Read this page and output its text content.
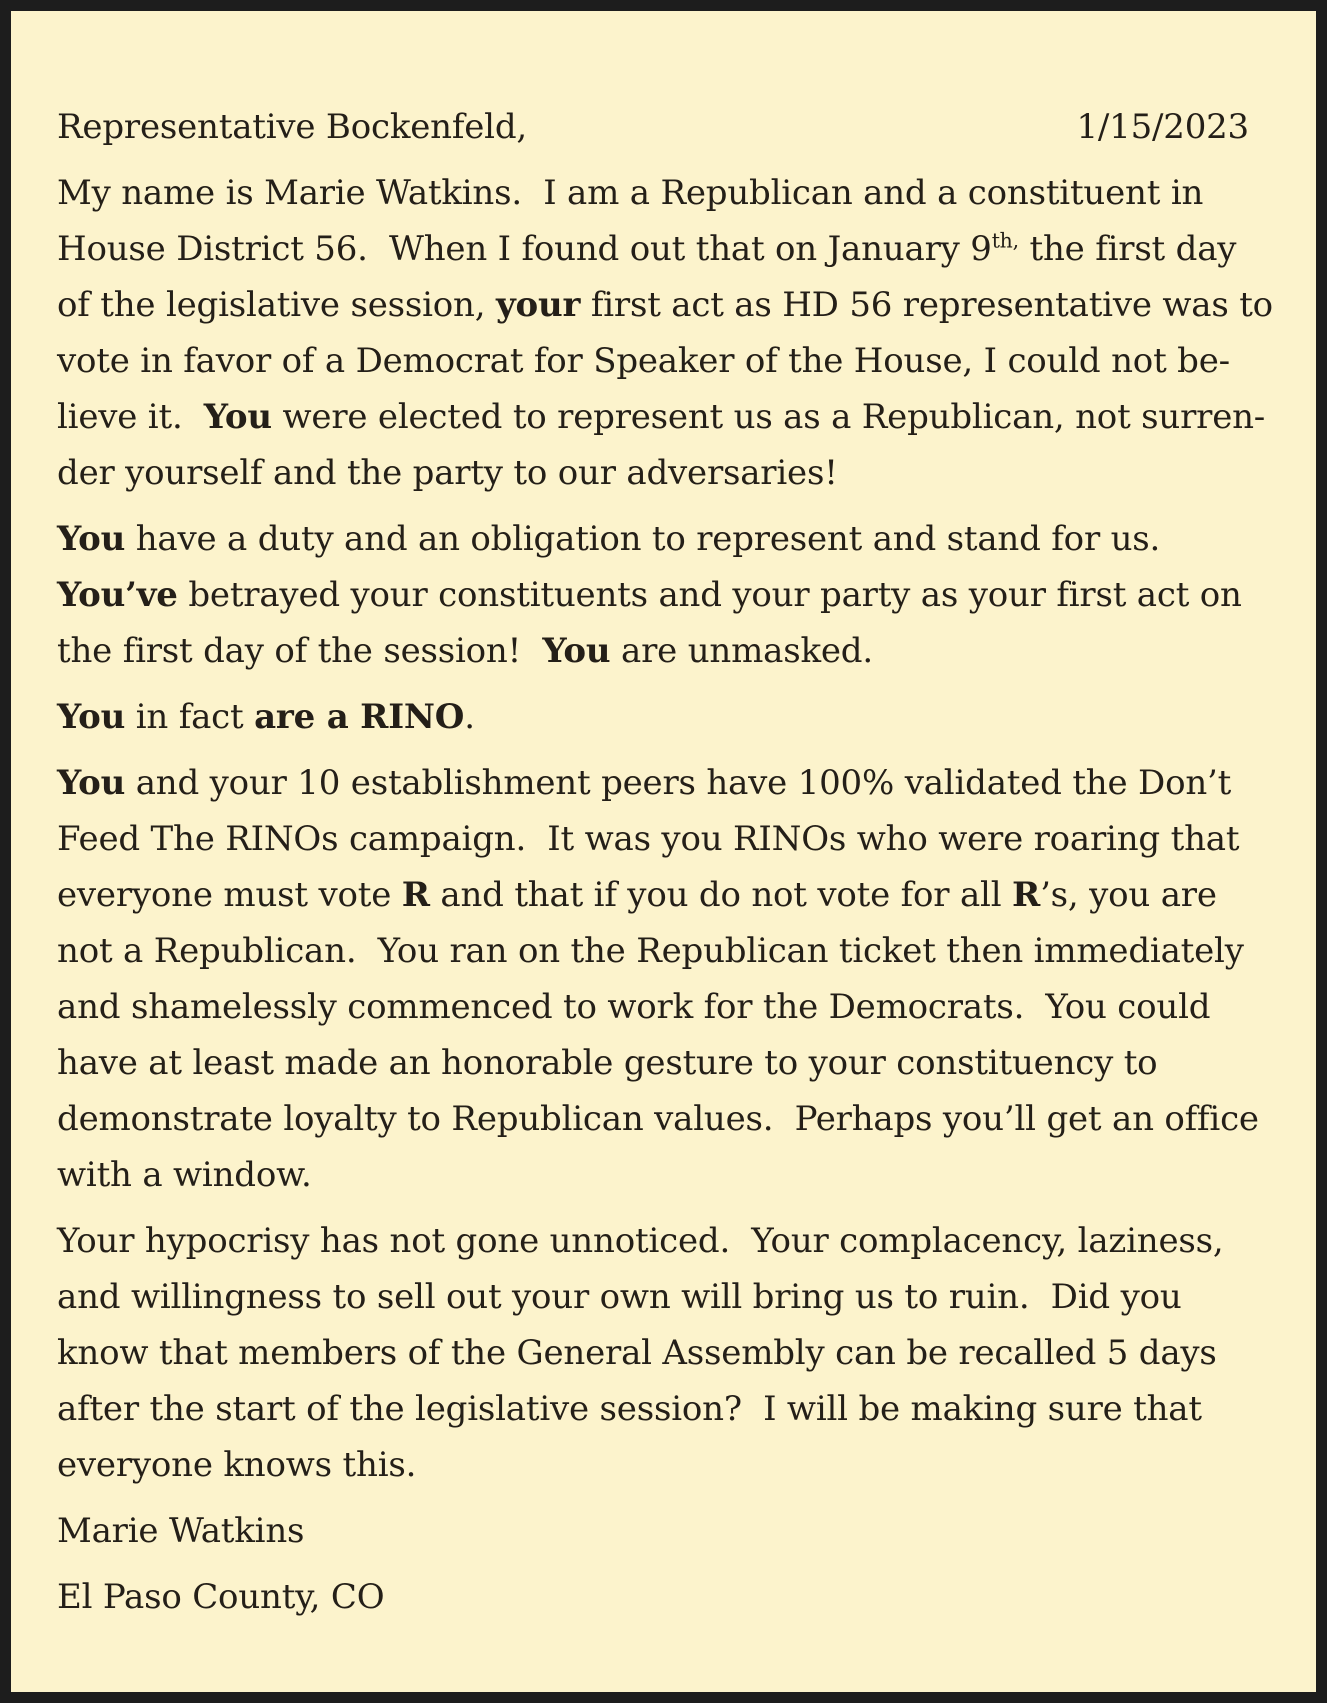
Representative Bockenfeld,	1/15/2023

My name is Marie Watkins.  I am a Republican and a constituent in
House District 56.  When I found out that on January $9^{th,}$ the first day
of the legislative session, your first act as HD 56 representative was to
vote in favor of a Democrat for Speaker of the House, I could not be-
lieve it.  You were elected to represent us as a Republican, not surren-
der yourself and the party to our adversaries!

You have a duty and an obligation to represent and stand for us.
You’ve betrayed your constituents and your party as your first act on
the first day of the session!  You are unmasked.

You in fact are a RINO.

You and your 10 establishment peers have 100% validated the Don’t
Feed The RINOs campaign.  It was you RINOs who were roaring that
everyone must vote R and that if you do not vote for all R’s, you are
not a Republican.  You ran on the Republican ticket then immediately
and shamelessly commenced to work for the Democrats.  You could
have at least made an honorable gesture to your constituency to
demonstrate loyalty to Republican values.  Perhaps you’ll get an office
with a window.

Your hypocrisy has not gone unnoticed.  Your complacency, laziness,
and willingness to sell out your own will bring us to ruin.  Did you
know that members of the General Assembly can be recalled 5 days
after the start of the legislative session?  I will be making sure that
everyone knows this.

Marie Watkins

El Paso County, CO
